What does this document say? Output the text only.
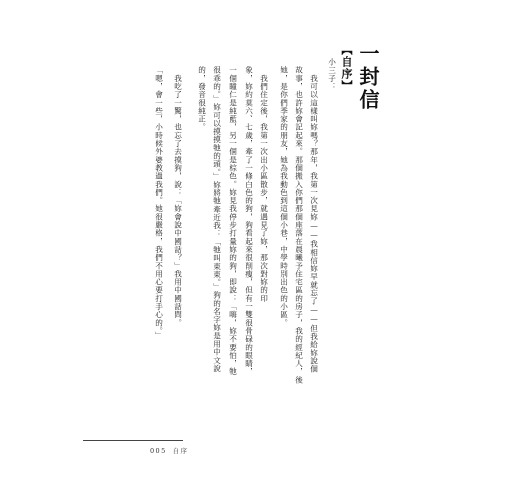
一封信
【自序】
小三子：
　我可以這樣叫妳嗎？那年，我第一次見妳——我相信妳早就忘了——但我給妳說個
故事，也許妳會記起來。那個搬入你們那個座落在晨曦予住宅區的房子，我的經紀人，後
她，是你們季家的朋友，她為我動色到這個小巷，中學時別出色的小區。
　我們住定後，我第一次出小區散步，就遇見了妳，那次對妳的印
象，妳約莫六、七歲，牽了一條白色的狗，狗看起來很削瘦，但有一雙很骨碌的眼睛，
一個瞳仁是純藍，另一個是棕色。妳見我停步打量妳的狗，即說：「嗨，妳不要怕，牠
很乖的。」妳可以摸摸牠的頭。」妳將牠牽近我：「牠叫東東。」狗的名字妳是用中文說
的，發音很純正。
　我吃了一驚，也忘了去摸狗，說：「妳會說中國話？」我用中國話問。
「嗯，會一些，小時候外婆教過我們。她很嚴格，我們不用心要打手心的。」
005 自序
